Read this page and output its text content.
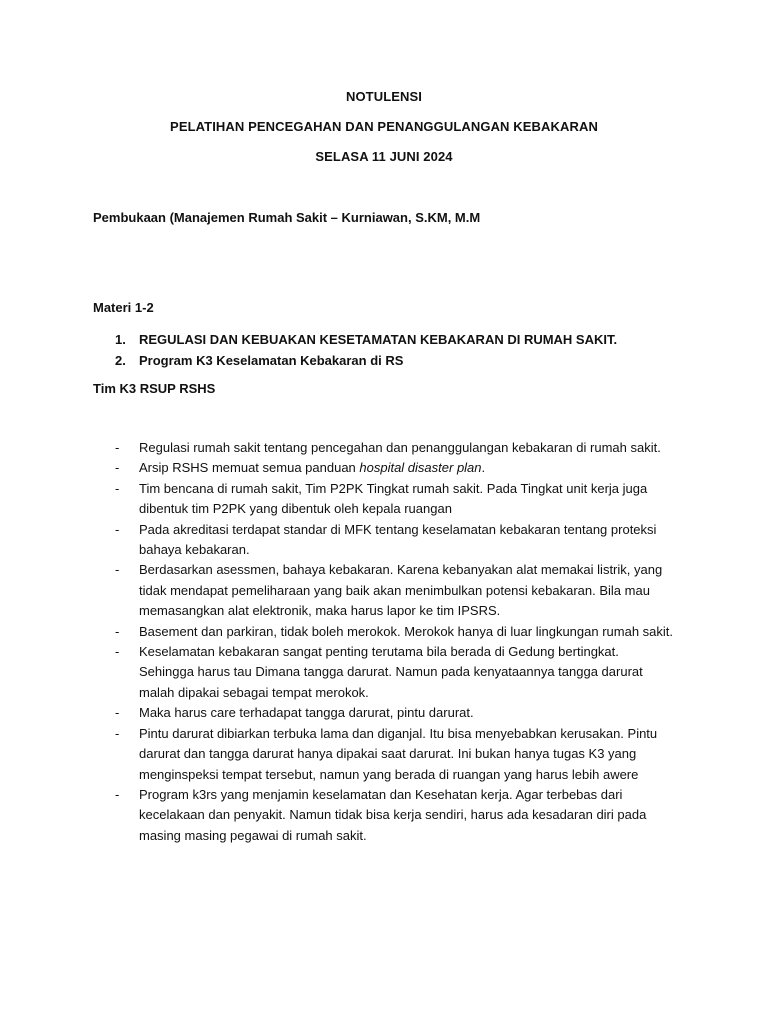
NOTULENSI
PELATIHAN PENCEGAHAN DAN PENANGGULANGAN KEBAKARAN
SELASA 11 JUNI 2024
Pembukaan (Manajemen Rumah Sakit – Kurniawan, S.KM, M.M
Materi 1-2
1. REGULASI DAN KEBUAKAN KESETAMATAN KEBAKARAN DI RUMAH SAKIT.
2. Program K3 Keselamatan Kebakaran di RS
Tim K3 RSUP RSHS
- Regulasi rumah sakit tentang pencegahan dan penanggulangan kebakaran di rumah sakit.
- Arsip RSHS memuat semua panduan hospital disaster plan.
- Tim bencana di rumah sakit, Tim P2PK Tingkat rumah sakit. Pada Tingkat unit kerja juga dibentuk tim P2PK yang dibentuk oleh kepala ruangan
- Pada akreditasi terdapat standar di MFK tentang keselamatan kebakaran tentang proteksi bahaya kebakaran.
- Berdasarkan asessmen, bahaya kebakaran. Karena kebanyakan alat memakai listrik, yang tidak mendapat pemeliharaan yang baik akan menimbulkan potensi kebakaran. Bila mau memasangkan alat elektronik, maka harus lapor ke tim IPSRS.
- Basement dan parkiran, tidak boleh merokok. Merokok hanya di luar lingkungan rumah sakit.
- Keselamatan kebakaran sangat penting terutama bila berada di Gedung bertingkat. Sehingga harus tau Dimana tangga darurat. Namun pada kenyataannya tangga darurat malah dipakai sebagai tempat merokok.
- Maka harus care terhadapat tangga darurat, pintu darurat.
- Pintu darurat dibiarkan terbuka lama dan diganjal. Itu bisa menyebabkan kerusakan. Pintu darurat dan tangga darurat hanya dipakai saat darurat. Ini bukan hanya tugas K3 yang menginspeksi tempat tersebut, namun yang berada di ruangan yang harus lebih awere
- Program k3rs yang menjamin keselamatan dan Kesehatan kerja. Agar terbebas dari kecelakaan dan penyakit. Namun tidak bisa kerja sendiri, harus ada kesadaran diri pada masing masing pegawai di rumah sakit.
